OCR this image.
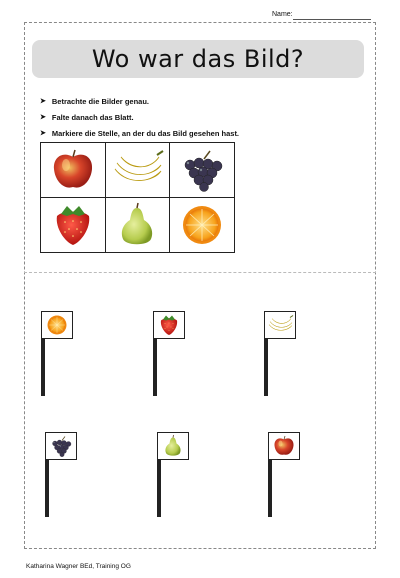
Name:
Wo war das Bild?
➤ Betrachte die Bilder genau.
➤ Falte danach das Blatt.
➤ Markiere die Stelle, an der du das Bild gesehen hast.

Katharina Wagner BEd, Training OG
